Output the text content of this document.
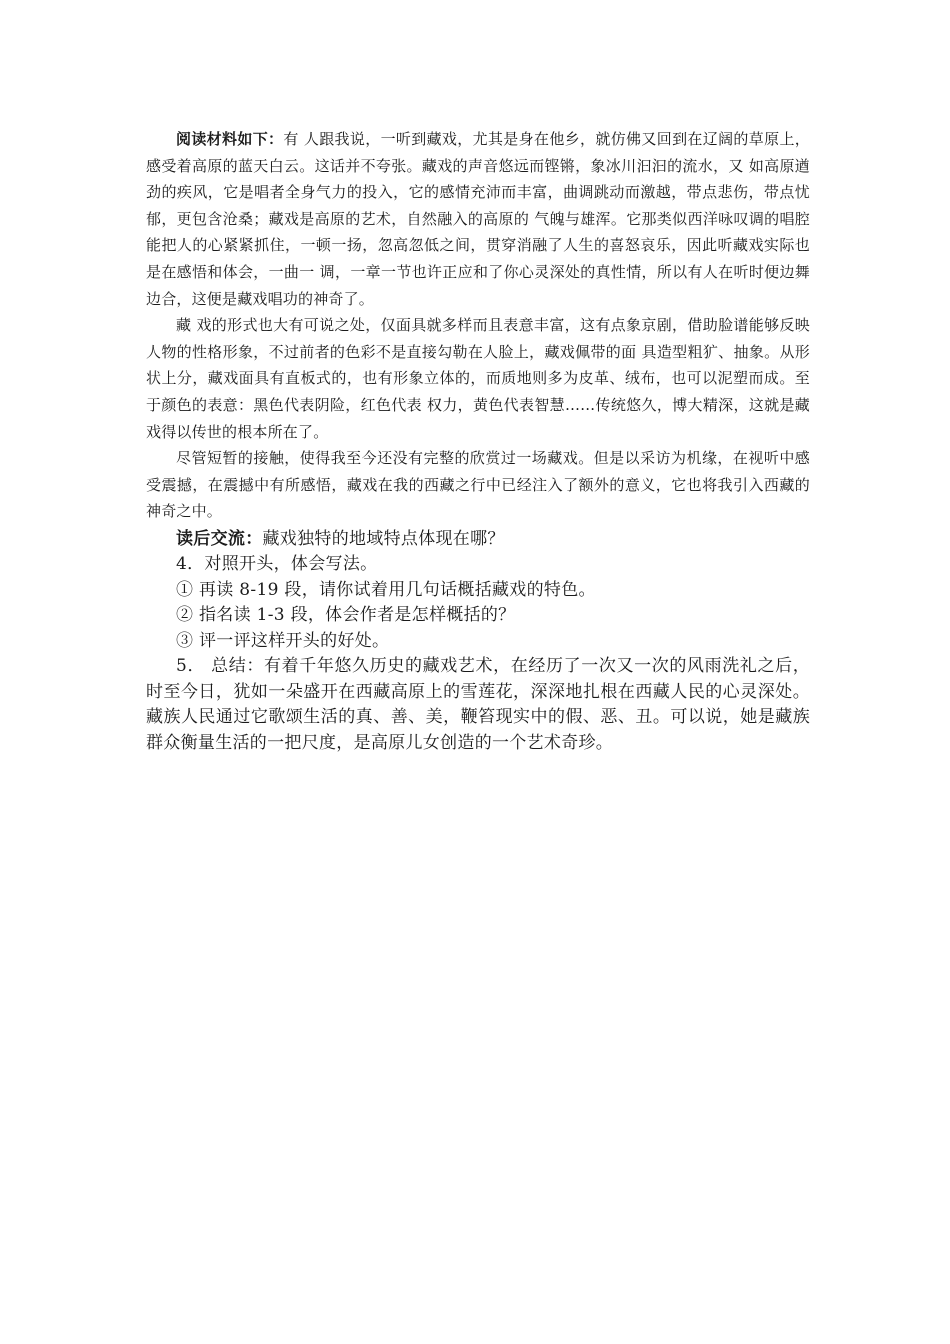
阅读材料如下：有 人跟我说，一听到藏戏，尤其是身在他乡，就仿佛又回到在辽阔的草原上，感受着高原的蓝天白云。这话并不夸张。藏戏的声音悠远而铿锵，象冰川汩汩的流水，又 如高原遒劲的疾风，它是唱者全身气力的投入，它的感情充沛而丰富，曲调跳动而激越，带点悲伤，带点忧郁，更包含沧桑；藏戏是高原的艺术，自然融入的高原的 气魄与雄浑。它那类似西洋咏叹调的唱腔能把人的心紧紧抓住，一顿一扬，忽高忽低之间，贯穿消融了人生的喜怒哀乐，因此听藏戏实际也是在感悟和体会，一曲一 调，一章一节也许正应和了你心灵深处的真性情，所以有人在听时便边舞边合，这便是藏戏唱功的神奇了。

藏 戏的形式也大有可说之处，仅面具就多样而且表意丰富，这有点象京剧，借助脸谱能够反映人物的性格形象，不过前者的色彩不是直接勾勒在人脸上，藏戏佩带的面 具造型粗犷、抽象。从形状上分，藏戏面具有直板式的，也有形象立体的，而质地则多为皮革、绒布，也可以泥塑而成。至于颜色的表意：黑色代表阴险，红色代表 权力，黄色代表智慧……传统悠久，博大精深，这就是藏戏得以传世的根本所在了。

尽管短暂的接触，使得我至今还没有完整的欣赏过一场藏戏。但是以采访为机缘，在视听中感受震撼，在震撼中有所感悟，藏戏在我的西藏之行中已经注入了额外的意义，它也将我引入西藏的神奇之中。

读后交流：藏戏独特的地域特点体现在哪？

4．对照开头，体会写法。

① 再读 8-19 段，请你试着用几句话概括藏戏的特色。

② 指名读 1-3 段，体会作者是怎样概括的？

③ 评一评这样开头的好处。

5． 总结：有着千年悠久历史的藏戏艺术，在经历了一次又一次的风雨洗礼之后，时至今日，犹如一朵盛开在西藏高原上的雪莲花，深深地扎根在西藏人民的心灵深处。藏族人民通过它歌颂生活的真、善、美，鞭笞现实中的假、恶、丑。可以说，她是藏族群众衡量生活的一把尺度，是高原儿女创造的一个艺术奇珍。
